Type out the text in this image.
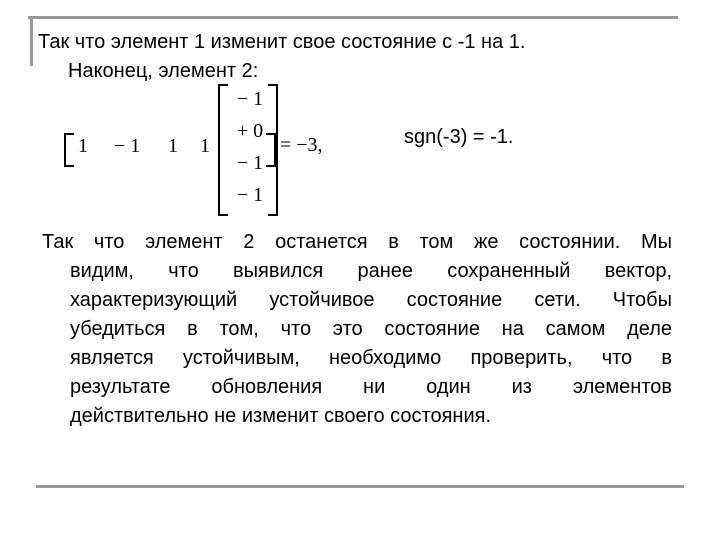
Так что элемент 1 изменит свое состояние с -1 на 1.
Наконец, элемент 2:
1 − 1 1 1
− 1
+ 0
− 1
− 1
= −3,	sgn(-3) = -1.
Так что элемент 2 останется в том же состоянии. Мы
видим, что выявился ранее сохраненный вектор,
характеризующий устойчивое состояние сети. Чтобы
убедиться в том, что это состояние на самом деле
является устойчивым, необходимо проверить, что в
результате обновления ни один из элементов
действительно не изменит своего состояния.
